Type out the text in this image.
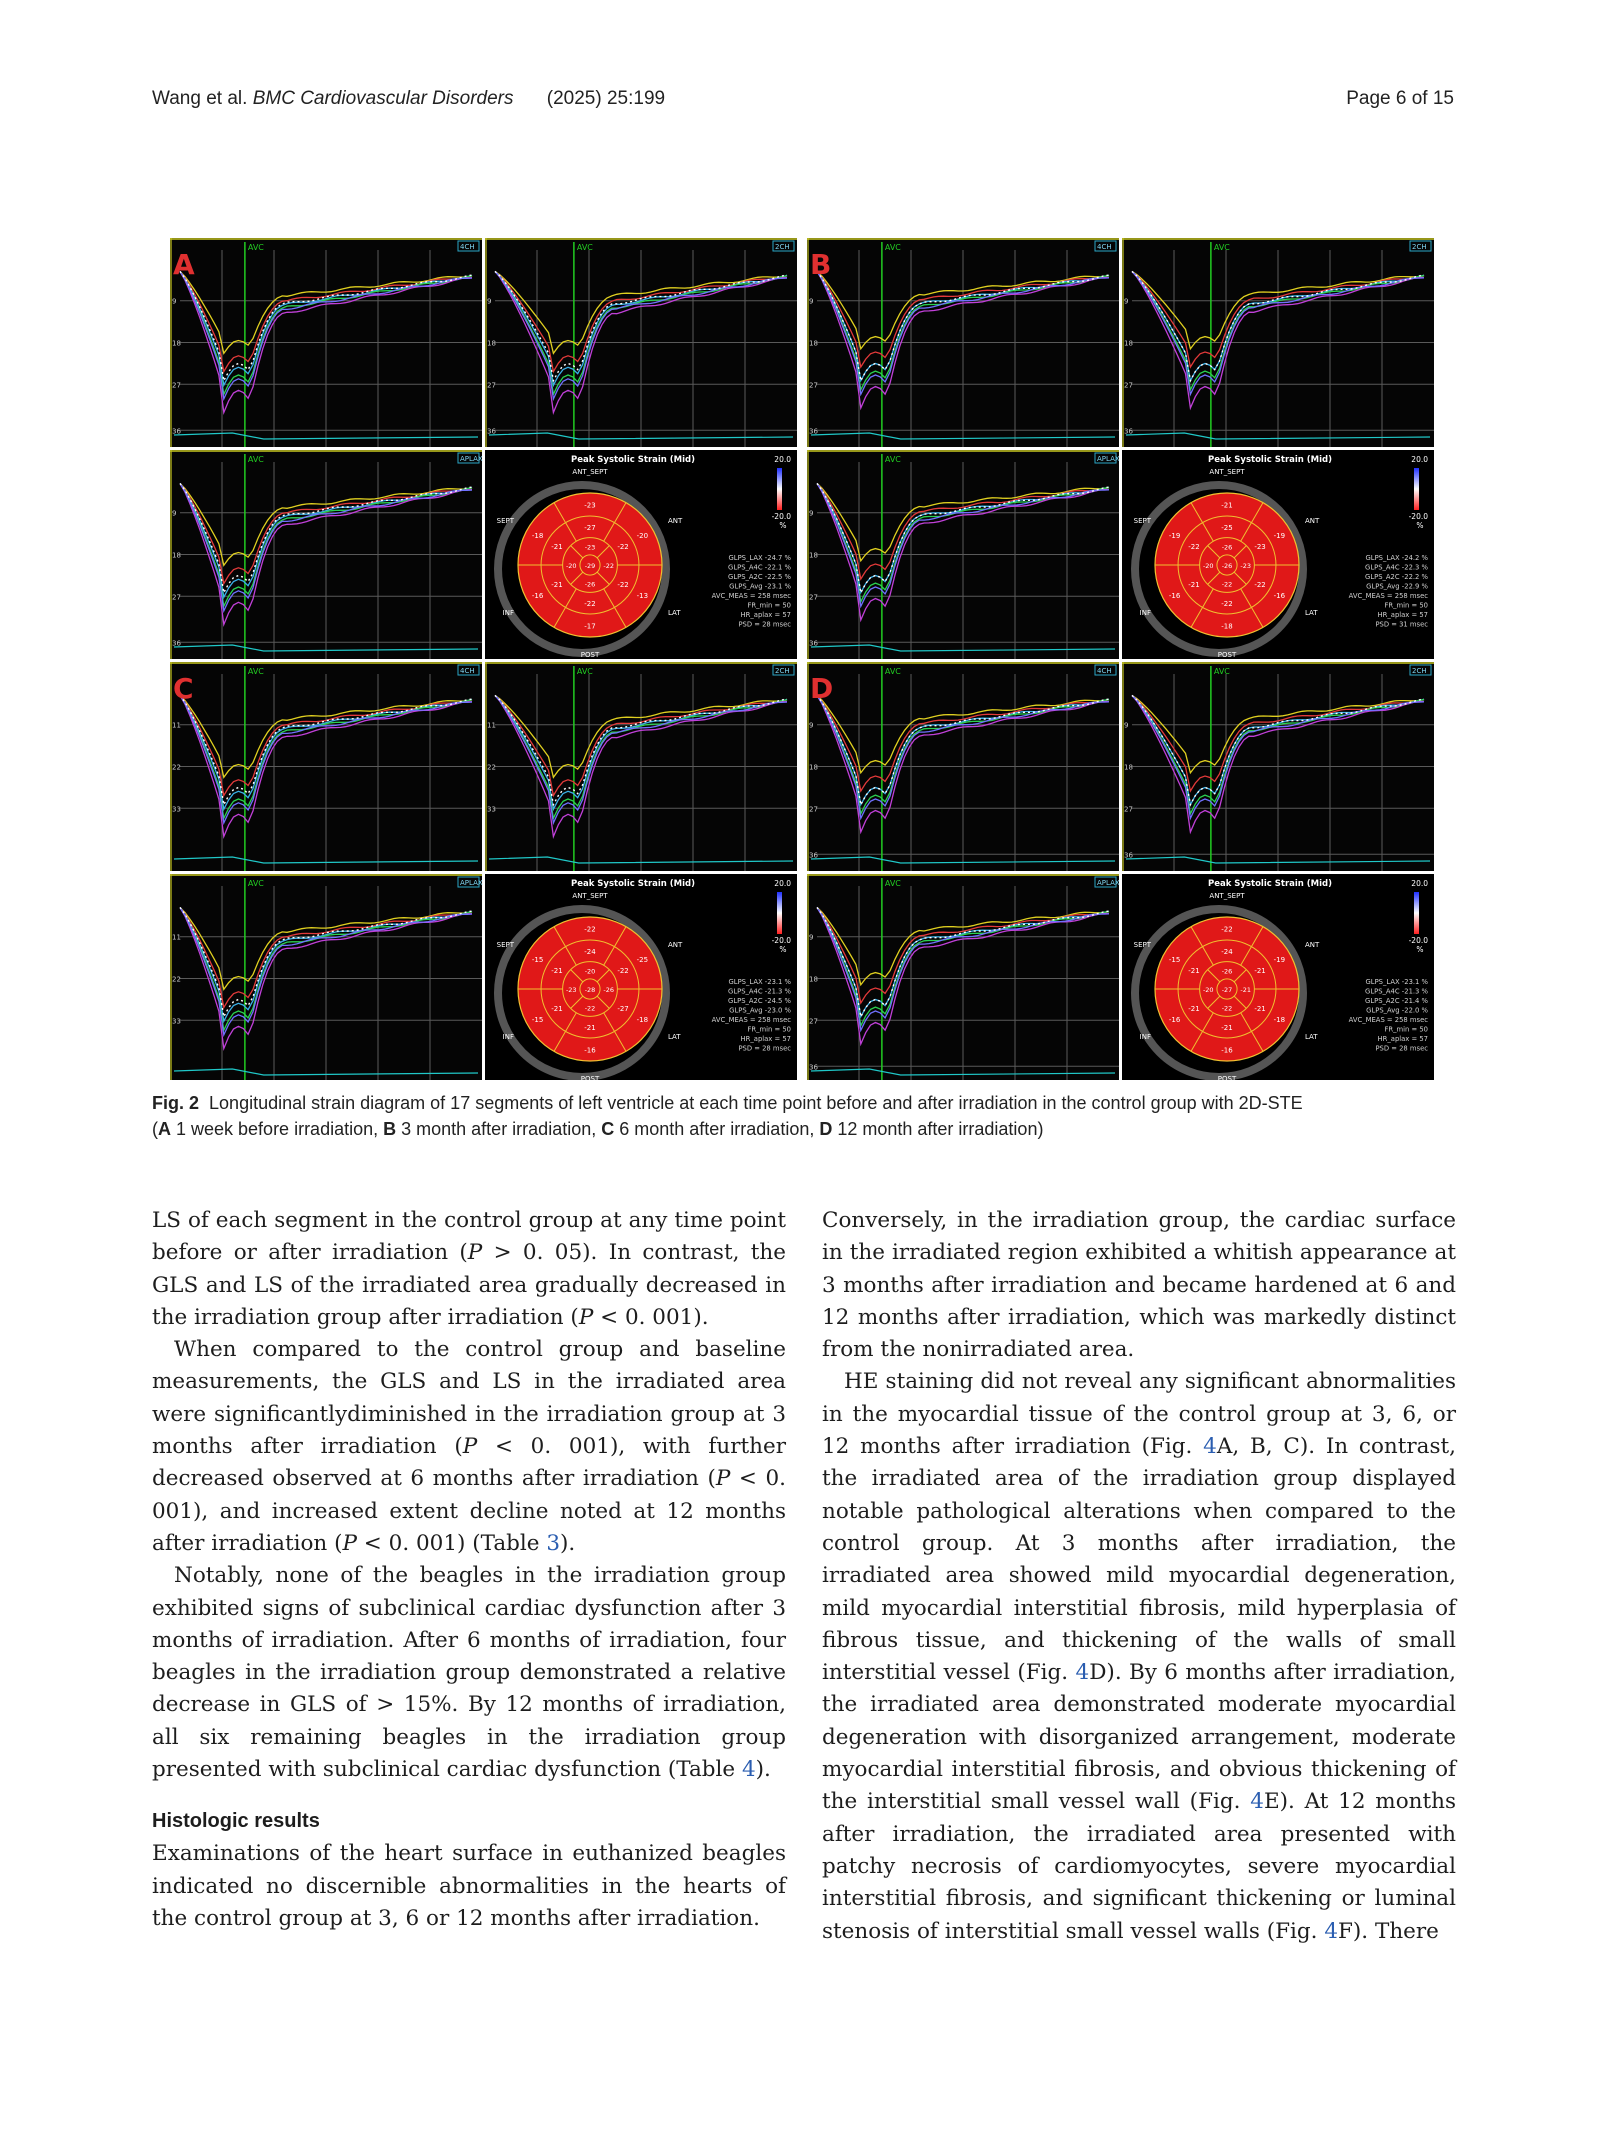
Wang et al. BMC Cardiovascular Disorders (2025) 25:199	Page 6 of 15
9
18
27
36
AVC	4CH
9
18
27
36
AVC	2CH
9
18
27
36
AVC	APLAX	Peak Systolic Strain (Mid)	20.0
-20.0
%
-23
-20
-13
-17
-16
-18
-27
-22
-22
-22
-21
-21	-23
-22
-26
-20 -29
ANT_SEPT
SEPT	ANT
INF	LAT
POST
GLPS_LAX -24.7 %
GLPS_A4C -22.1 %
GLPS_A2C -22.5 %
GLPS_Avg -23.1 %
AVC_MEAS = 258 msec
FR_min = 50
HR_aplax = 57
PSD = 28 msec
A
9
18
27
36
AVC	4CH
9
18
27
36
AVC	2CH
9
18
27
36
AVC	APLAX	Peak Systolic Strain (Mid)	20.0
-20.0
%
-21
-19
-16
-18
-16
-19
-25
-23
-22
-22
-21
-22	-26
-23
-22
-20 -26
ANT_SEPT
SEPT	ANT
INF	LAT
POST
GLPS_LAX -24.2 %
GLPS_A4C -22.3 %
GLPS_A2C -22.2 %
GLPS_Avg -22.9 %
AVC_MEAS = 258 msec
FR_min = 50
HR_aplax = 57
PSD = 31 msec
B
11
22
33
AVC	4CH
11
22
33
AVC	2CH
11
22
33
AVC	APLAX	Peak Systolic Strain (Mid)	20.0
-20.0
%
-22
-25
-18
-16
-15
-15
-24
-22
-27
-21
-21
-21	-20
-26
-22
-23 -28
ANT_SEPT
SEPT	ANT
INF	LAT
POST
GLPS_LAX -23.1 %
GLPS_A4C -21.3 %
GLPS_A2C -24.5 %
GLPS_Avg -23.0 %
AVC_MEAS = 258 msec
FR_min = 50
HR_aplax = 57
PSD = 28 msec
C
9
18
27
36
AVC	4CH
9
18
27
36
AVC	2CH
9
18
27
36
AVC	APLAX	Peak Systolic Strain (Mid)	20.0
-20.0
%
-22
-19
-18
-16
-16
-15
-24
-21
-21
-21
-21
-21	-26
-21
-22
-20 -27
ANT_SEPT
SEPT	ANT
INF	LAT
POST
GLPS_LAX -23.1 %
GLPS_A4C -21.3 %
GLPS_A2C -21.4 %
GLPS_Avg -22.0 %
AVC_MEAS = 258 msec
FR_min = 50
HR_aplax = 57
PSD = 28 msec
D
Fig. 2 Longitudinal strain diagram of 17 segments of left ventricle at each time point before and after irradiation in the control group with 2D-STE
(A 1 week before irradiation, B 3 month after irradiation, C 6 month after irradiation, D 12 month after irradiation)

LS of each segment in the control group at any time point before or after irradiation (P > 0. 05). In contrast, the GLS and LS of the irradiated area gradually decreased in the irradiation group after irradiation (P < 0. 001).

When compared to the control group and baseline measurements, the GLS and LS in the irradiated area were significantlydiminished in the irradiation group at 3 months after irradiation (P < 0. 001), with further decreased observed at 6 months after irradiation (P < 0. 001), and increased extent decline noted at 12 months after irradiation (P < 0. 001) (Table 3).

Notably, none of the beagles in the irradiation group exhibited signs of subclinical cardiac dysfunction after 3 months of irradiation. After 6 months of irradiation, four beagles in the irradiation group demonstrated a relative decrease in GLS of > 15%. By 12 months of irradiation, all six remaining beagles in the irradiation group presented with subclinical cardiac dysfunction (Table 4).

Histologic results

Examinations of the heart surface in euthanized beagles indicated no discernible abnormalities in the hearts of the control group at 3, 6 or 12 months after irradiation.

Conversely, in the irradiation group, the cardiac surface in the irradiated region exhibited a whitish appearance at 3 months after irradiation and became hardened at 6 and 12 months after irradiation, which was markedly distinct from the nonirradiated area.

HE staining did not reveal any significant abnormalities in the myocardial tissue of the control group at 3, 6, or 12 months after irradiation (Fig. 4A, B, C). In contrast, the irradiated area of the irradiation group displayed notable pathological alterations when compared to the control group. At 3 months after irradiation, the irradiated area showed mild myocardial degeneration, mild myocardial interstitial fibrosis, mild hyperplasia of fibrous tissue, and thickening of the walls of small interstitial vessel (Fig. 4D). By 6 months after irradiation, the irradiated area demonstrated moderate myocardial degeneration with disorganized arrangement, moderate myocardial interstitial fibrosis, and obvious thickening of the interstitial small vessel wall (Fig. 4E). At 12 months after irradiation, the irradiated area presented with patchy necrosis of cardiomyocytes, severe myocardial interstitial fibrosis, and significant thickening or luminal stenosis of interstitial small vessel walls (Fig. 4F). There
